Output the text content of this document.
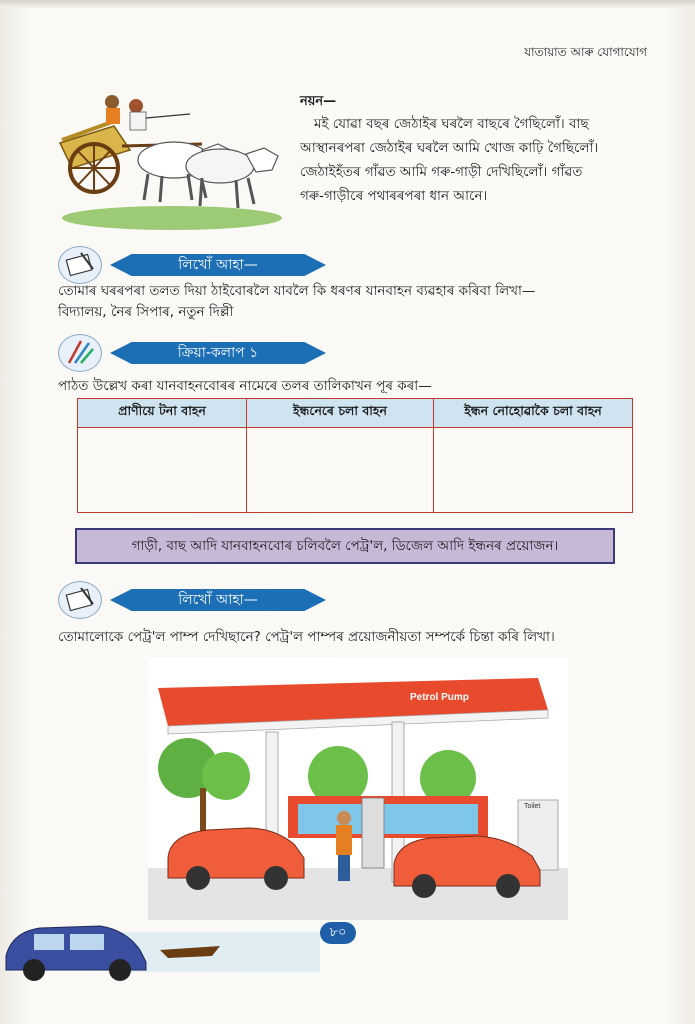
যাতায়াত আৰু যোগাযোগ
নয়ন—
মই যোৱা বছৰ জেঠাইৰ ঘৰলৈ বাছৰে গৈছিলোঁ। বাছ
আস্থানৰপৰা জেঠাইৰ ঘৰলৈ আমি খোজ কাঢ়ি গৈছিলোঁ।
জেঠাইহঁতৰ গাঁৱত আমি গৰু-গাড়ী দেখিছিলোঁ। গাঁৱত
গৰু-গাড়ীৰে পথাৰৰপৰা ধান আনে।
লিখোঁ আহা—
তোমাৰ ঘৰৰপৰা তলত দিয়া ঠাইবোৰলৈ যাবলৈ কি ধৰণৰ যানবাহন ব্যৱহাৰ কৰিবা লিখা—
বিদ্যালয়, নৈৰ সিপাৰ, নতুন দিল্লী
ক্ৰিয়া-কলাপ ১
পাঠত উল্লেখ কৰা যানবাহনবোৰৰ নামেৰে তলৰ তালিকাখন পূৰ কৰা—
প্ৰাণীয়ে টনা বাহন	ইন্ধনেৰে চলা বাহন	ইন্ধন নোহোৱাকৈ চলা বাহন

গাড়ী, বাছ আদি যানবাহনবোৰ চলিবলৈ পেট্ৰ'ল, ডিজেল আদি ইন্ধনৰ প্ৰয়োজন।
লিখোঁ আহা—
তোমালোকে পেট্ৰ'ল পাম্প দেখিছানে? পেট্ৰ'ল পাম্পৰ প্ৰয়োজনীয়তা সম্পৰ্কে চিন্তা কৰি লিখা।
Petrol Pump
Toilet
৮০
